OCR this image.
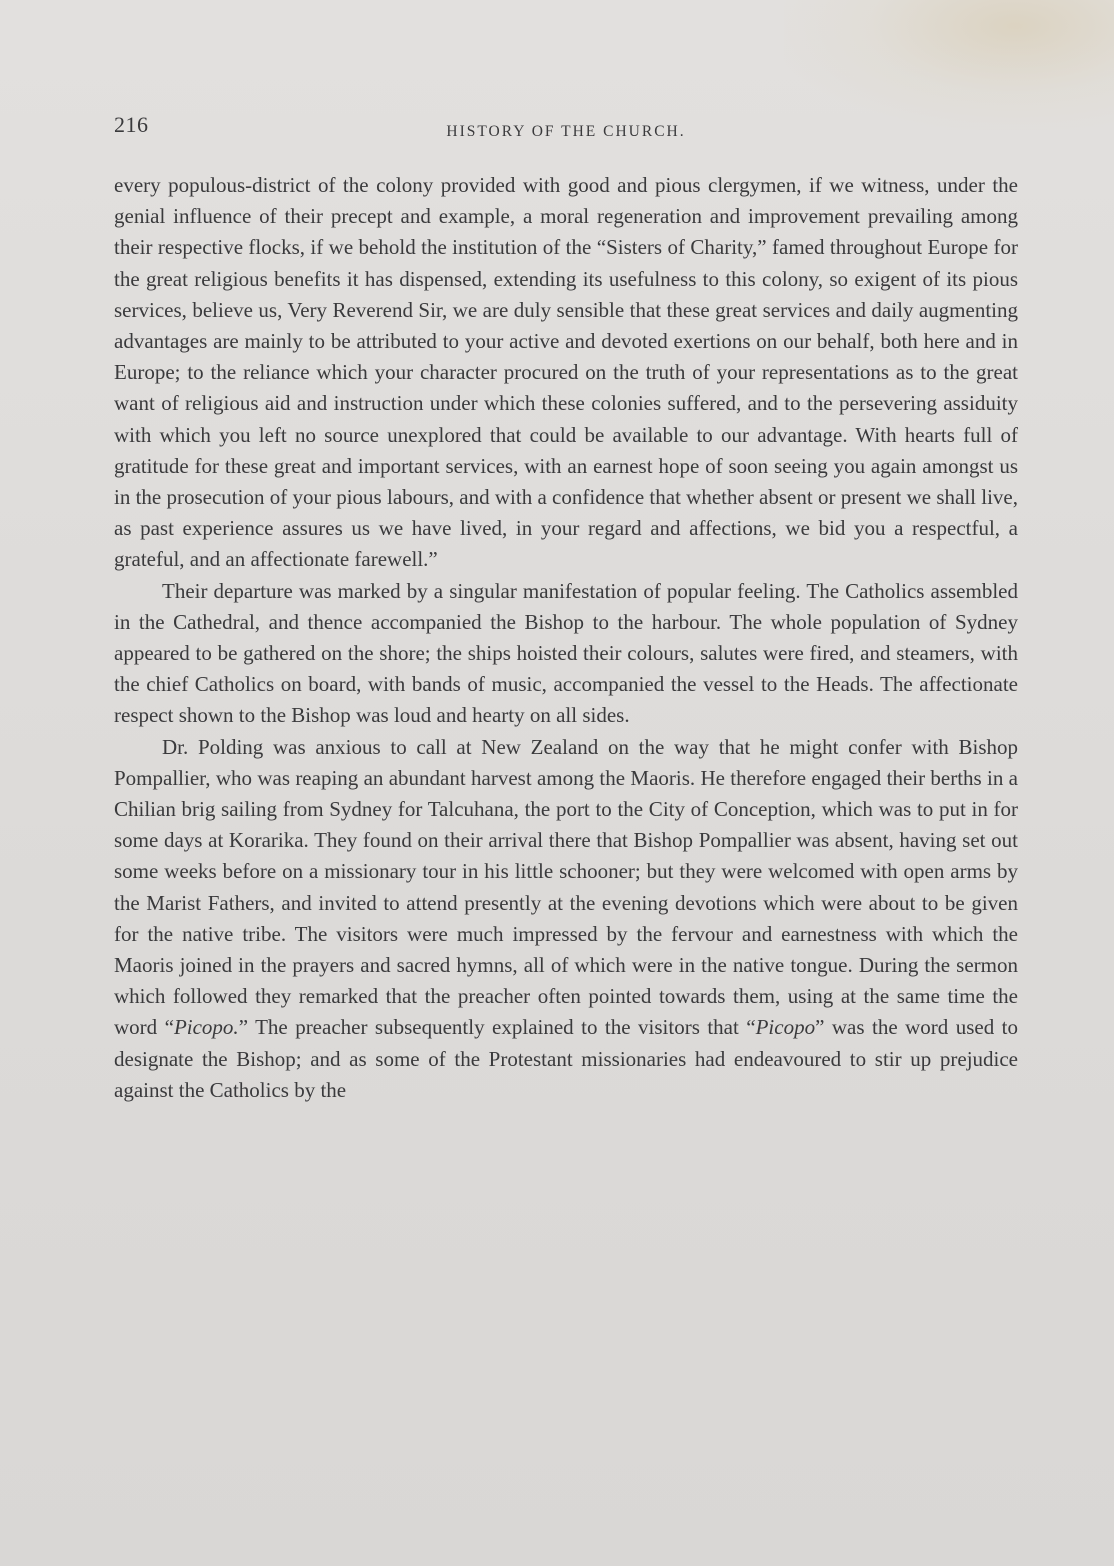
216	HISTORY OF THE CHURCH.

every populous-district of the colony provided with good and pious clergymen, if we witness, under the genial influence of their precept and example, a moral regeneration and improvement prevailing among their respective flocks, if we behold the institution of the “Sisters of Charity,” famed throughout Europe for the great religious benefits it has dispensed, extending its usefulness to this colony, so exigent of its pious services, believe us, Very Reverend Sir, we are duly sensible that these great services and daily augmenting advantages are mainly to be attributed to your active and devoted exertions on our behalf, both here and in Europe; to the reliance which your character procured on the truth of your representations as to the great want of religious aid and instruction under which these colonies suffered, and to the persevering assiduity with which you left no source unexplored that could be available to our advantage. With hearts full of gratitude for these great and important services, with an earnest hope of soon seeing you again amongst us in the prosecution of your pious labours, and with a confidence that whether absent or present we shall live, as past experience assures us we have lived, in your regard and affections, we bid you a respectful, a grateful, and an affectionate farewell.”

Their departure was marked by a singular manifestation of popular feeling. The Catholics assembled in the Cathedral, and thence accompanied the Bishop to the harbour. The whole population of Sydney appeared to be gathered on the shore; the ships hoisted their colours, salutes were fired, and steamers, with the chief Catholics on board, with bands of music, accompanied the vessel to the Heads. The affectionate respect shown to the Bishop was loud and hearty on all sides.

Dr. Polding was anxious to call at New Zealand on the way that he might confer with Bishop Pompallier, who was reaping an abundant harvest among the Maoris. He therefore engaged their berths in a Chilian brig sailing from Sydney for Talcuhana, the port to the City of Conception, which was to put in for some days at Korarika. They found on their arrival there that Bishop Pompallier was absent, having set out some weeks before on a missionary tour in his little schooner; but they were welcomed with open arms by the Marist Fathers, and invited to attend presently at the evening devotions which were about to be given for the native tribe. The visitors were much impressed by the fervour and earnestness with which the Maoris joined in the prayers and sacred hymns, all of which were in the native tongue. During the sermon which followed they remarked that the preacher often pointed towards them, using at the same time the word “Picopo.” The preacher subsequently explained to the visitors that “Picopo” was the word used to designate the Bishop; and as some of the Protestant missionaries had endeavoured to stir up prejudice against the Catholics by the
